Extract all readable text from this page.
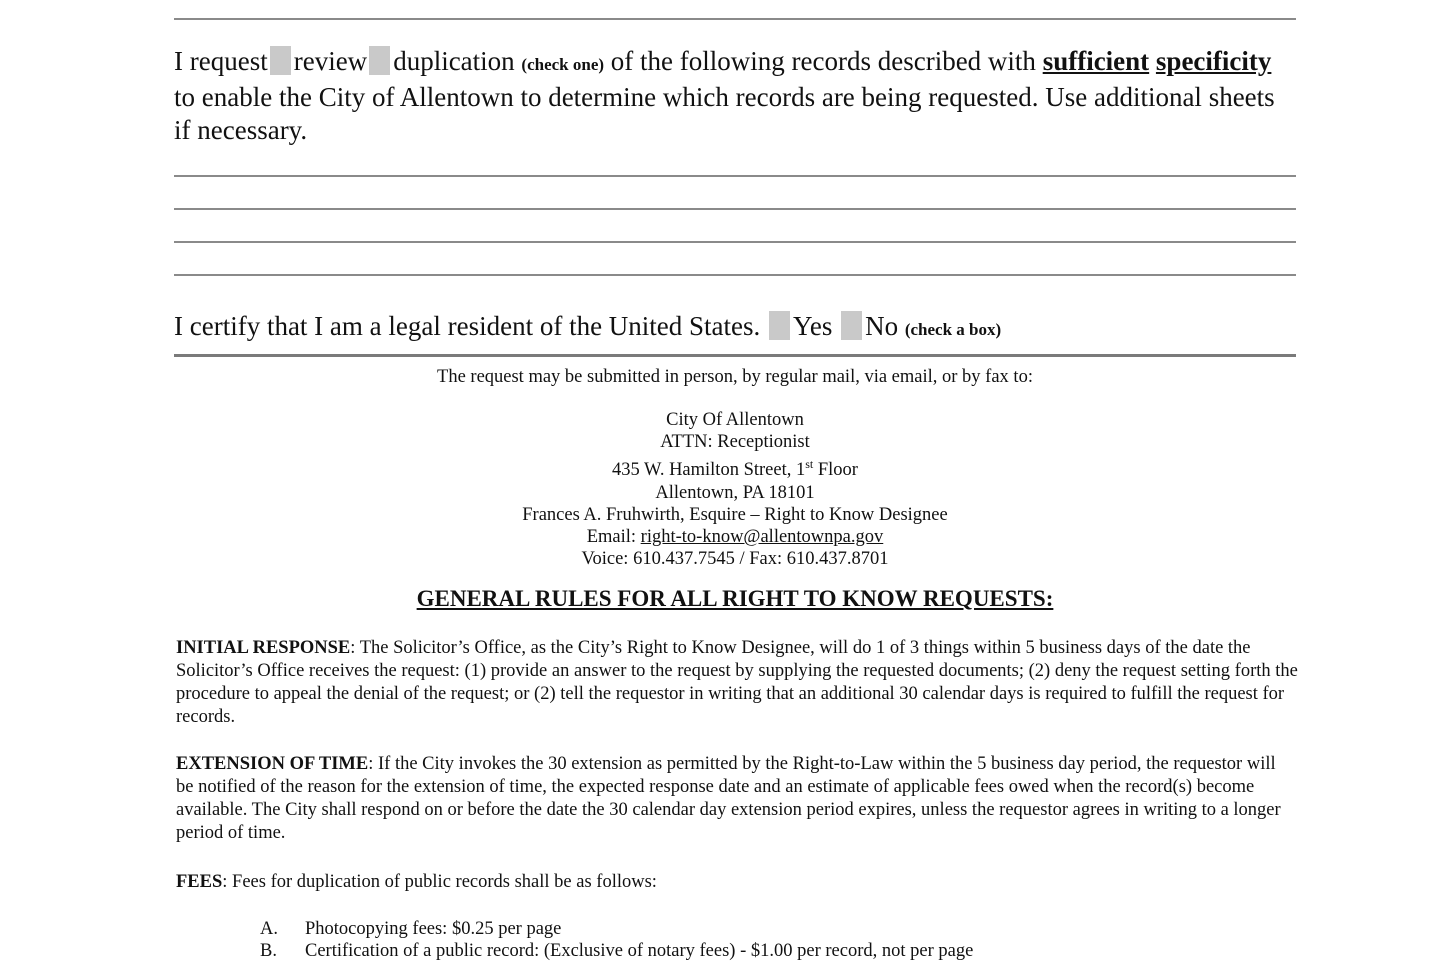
I request review duplication (check one) of the following records described with sufficient specificity to enable the City of Allentown to determine which records are being requested. Use additional sheets if necessary.
I certify that I am a legal resident of the United States. Yes No (check a box)
The request may be submitted in person, by regular mail, via email, or by fax to:
City Of Allentown
ATTN: Receptionist
435 W. Hamilton Street, 1st Floor
Allentown, PA 18101
Frances A. Fruhwirth, Esquire – Right to Know Designee
Email: right-to-know@allentownpa.gov
Voice: 610.437.7545 / Fax: 610.437.8701
GENERAL RULES FOR ALL RIGHT TO KNOW REQUESTS:
INITIAL RESPONSE: The Solicitor’s Office, as the City’s Right to Know Designee, will do 1 of 3 things within 5 business days of the date the Solicitor’s Office receives the request: (1) provide an answer to the request by supplying the requested documents; (2) deny the request setting forth the procedure to appeal the denial of the request; or (2) tell the requestor in writing that an additional 30 calendar days is required to fulfill the request for records.
EXTENSION OF TIME: If the City invokes the 30 extension as permitted by the Right-to-Law within the 5 business day period, the requestor will be notified of the reason for the extension of time, the expected response date and an estimate of applicable fees owed when the record(s) become available. The City shall respond on or before the date the 30 calendar day extension period expires, unless the requestor agrees in writing to a longer period of time.
FEES: Fees for duplication of public records shall be as follows:
A. Photocopying fees: $0.25 per page
B. Certification of a public record: (Exclusive of notary fees) - $1.00 per record, not per page
